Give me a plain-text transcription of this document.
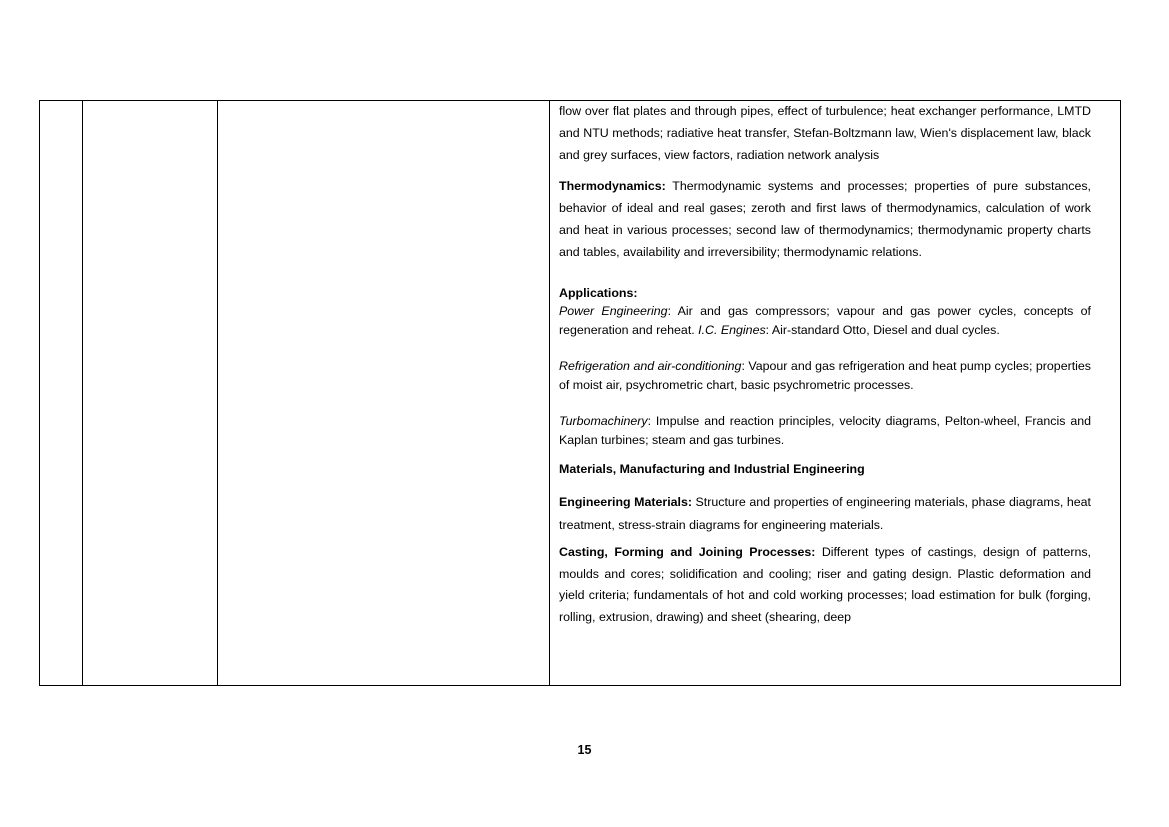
flow over flat plates and through pipes, effect of turbulence; heat exchanger performance, LMTD and NTU methods; radiative heat transfer, Stefan-Boltzmann law, Wien's displacement law, black and grey surfaces, view factors, radiation network analysis

Thermodynamics: Thermodynamic systems and processes; properties of pure substances, behavior of ideal and real gases; zeroth and first laws of thermodynamics, calculation of work and heat in various processes; second law of thermodynamics; thermodynamic property charts and tables, availability and irreversibility; thermodynamic relations.

Applications:

Power Engineering: Air and gas compressors; vapour and gas power cycles, concepts of regeneration and reheat. I.C. Engines: Air-standard Otto, Diesel and dual cycles.

Refrigeration and air-conditioning: Vapour and gas refrigeration and heat pump cycles; properties of moist air, psychrometric chart, basic psychrometric processes.

Turbomachinery: Impulse and reaction principles, velocity diagrams, Pelton-wheel, Francis and Kaplan turbines; steam and gas turbines.

Materials, Manufacturing and Industrial Engineering

Engineering Materials: Structure and properties of engineering materials, phase diagrams, heat treatment, stress-strain diagrams for engineering materials.

Casting, Forming and Joining Processes: Different types of castings, design of patterns, moulds and cores; solidification and cooling; riser and gating design. Plastic deformation and yield criteria; fundamentals of hot and cold working processes; load estimation for bulk (forging, rolling, extrusion, drawing) and sheet (shearing, deep

15
